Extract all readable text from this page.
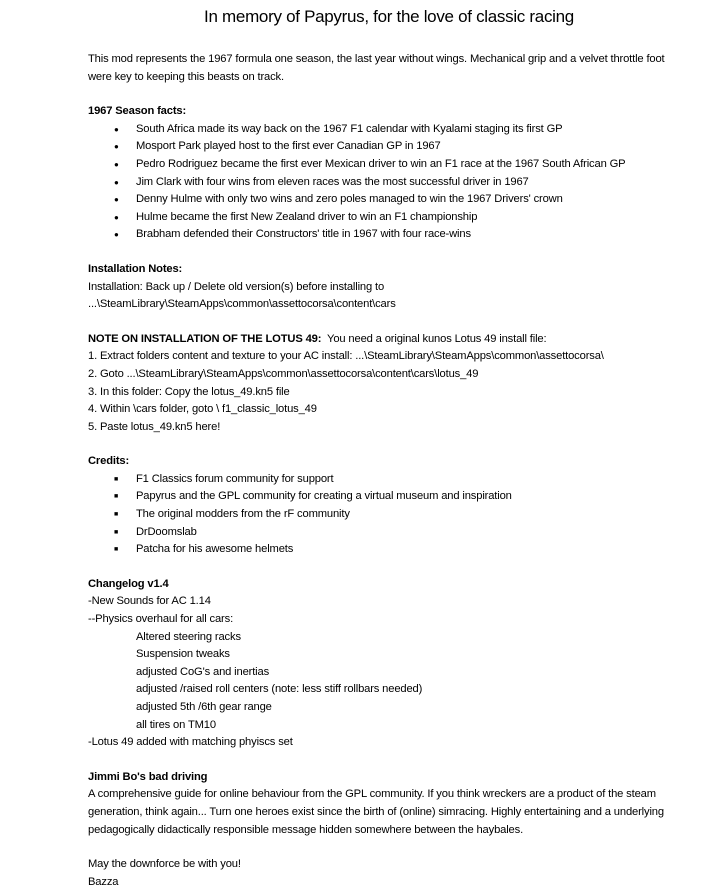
In memory of Papyrus, for the love of classic racing

This mod represents the 1967 formula one season, the last year without wings. Mechanical grip and a velvet throttle foot were key to keeping this beasts on track.

1967 Season facts:

● South Africa made its way back on the 1967 F1 calendar with Kyalami staging its first GP
● Mosport Park played host to the first ever Canadian GP in 1967
● Pedro Rodriguez became the first ever Mexican driver to win an F1 race at the 1967 South African GP
● Jim Clark with four wins from eleven races was the most successful driver in 1967
● Denny Hulme with only two wins and zero poles managed to win the 1967 Drivers' crown
● Hulme became the first New Zealand driver to win an F1 championship
● Brabham defended their Constructors' title in 1967 with four race-wins

Installation Notes:

Installation: Back up / Delete old version(s) before installing to

...\SteamLibrary\SteamApps\common\assettocorsa\content\cars

NOTE ON INSTALLATION OF THE LOTUS 49:  You need a original kunos Lotus 49 install file:

1. Extract folders content and texture to your AC install: ...\SteamLibrary\SteamApps\common\assettocorsa\

2. Goto ...\SteamLibrary\SteamApps\common\assettocorsa\content\cars\lotus_49

3. In this folder: Copy the lotus_49.kn5 file

4. Within \cars folder, goto \ f1_classic_lotus_49

5. Paste lotus_49.kn5 here!

Credits:

■ F1 Classics forum community for support
■ Papyrus and the GPL community for creating a virtual museum and inspiration
■ The original modders from the rF community
■ DrDoomslab
■ Patcha for his awesome helmets

Changelog v1.4

-New Sounds for AC 1.14

--Physics overhaul for all cars:

Altered steering racks

Suspension tweaks

adjusted CoG's and inertias

adjusted /raised roll centers (note: less stiff rollbars needed)

adjusted 5th /6th gear range

all tires on TM10

-Lotus 49 added with matching phyiscs set

Jimmi Bo's bad driving

A comprehensive guide for online behaviour from the GPL community. If you think wreckers are a product of the steam generation, think again... Turn one heroes exist since the birth of (online) simracing. Highly entertaining and a underlying pedagogically didactically responsible message hidden somewhere between the haybales.

May the downforce be with you!

Bazza
